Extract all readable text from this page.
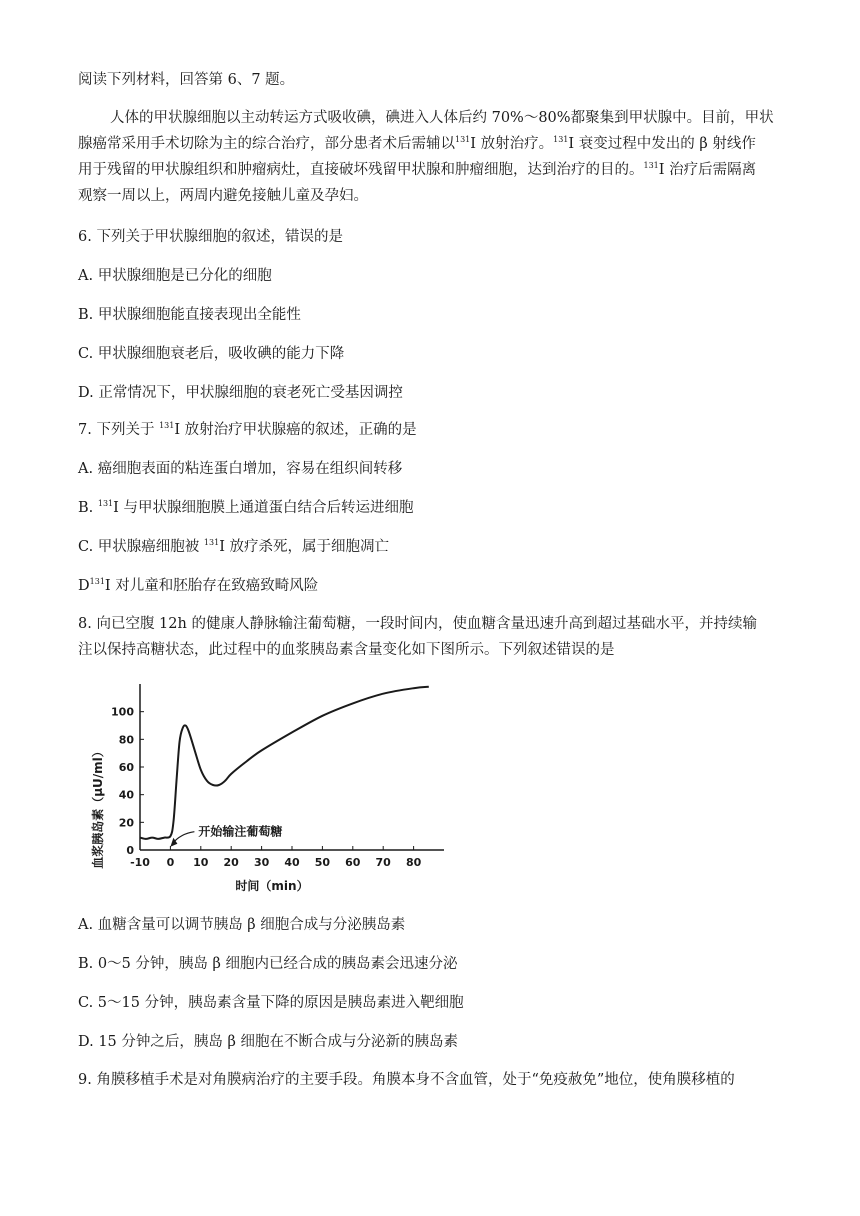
阅读下列材料，回答第 6、7 题。
人体的甲状腺细胞以主动转运方式吸收碘，碘进入人体后约 70%～80%都聚集到甲状腺中。目前，甲状
腺癌常采用手术切除为主的综合治疗，部分患者术后需辅以$^{131}$I 放射治疗。$^{131}$I 衰变过程中发出的 β 射线作
用于残留的甲状腺组织和肿瘤病灶，直接破坏残留甲状腺和肿瘤细胞，达到治疗的目的。$^{131}$I 治疗后需隔离
观察一周以上，两周内避免接触儿童及孕妇。
6. 下列关于甲状腺细胞的叙述，错误的是
A. 甲状腺细胞是已分化的细胞
B. 甲状腺细胞能直接表现出全能性
C. 甲状腺细胞衰老后，吸收碘的能力下降
D. 正常情况下，甲状腺细胞的衰老死亡受基因调控
7. 下列关于 $^{131}$I 放射治疗甲状腺癌的叙述，正确的是
A. 癌细胞表面的粘连蛋白增加，容易在组织间转移
B. $^{131}$I 与甲状腺细胞膜上通道蛋白结合后转运进细胞
C. 甲状腺癌细胞被 $^{131}$I 放疗杀死，属于细胞凋亡
$D^{131}I$ 对儿童和胚胎存在致癌致畸风险
8. 向已空腹 12h 的健康人静脉输注葡萄糖，一段时间内，使血糖含量迅速升高到超过基础水平，并持续输
注以保持高糖状态，此过程中的血浆胰岛素含量变化如下图所示。下列叙述错误的是
-10 0 10 20 30 40 50 60 70 80
0
20
40
60
80
100
开始输注葡萄糖
血浆胰岛素（μU/ml）
时间（min）
A. 血糖含量可以调节胰岛 β 细胞合成与分泌胰岛素
B. 0～5 分钟，胰岛 β 细胞内已经合成的胰岛素会迅速分泌
C. 5～15 分钟，胰岛素含量下降的原因是胰岛素进入靶细胞
D. 15 分钟之后，胰岛 β 细胞在不断合成与分泌新的胰岛素
9. 角膜移植手术是对角膜病治疗的主要手段。角膜本身不含血管，处于“免疫赦免”地位，使角膜移植的
